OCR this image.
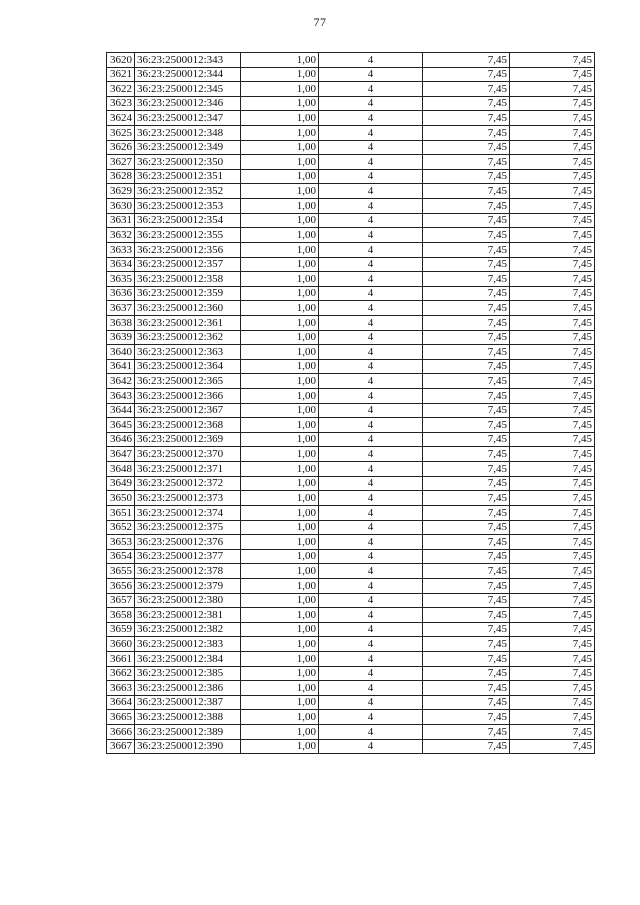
77
3620	36:23:2500012:343	1,00	4	7,45	7,45
3621	36:23:2500012:344	1,00	4	7,45	7,45
3622	36:23:2500012:345	1,00	4	7,45	7,45
3623	36:23:2500012:346	1,00	4	7,45	7,45
3624	36:23:2500012:347	1,00	4	7,45	7,45
3625	36:23:2500012:348	1,00	4	7,45	7,45
3626	36:23:2500012:349	1,00	4	7,45	7,45
3627	36:23:2500012:350	1,00	4	7,45	7,45
3628	36:23:2500012:351	1,00	4	7,45	7,45
3629	36:23:2500012:352	1,00	4	7,45	7,45
3630	36:23:2500012:353	1,00	4	7,45	7,45
3631	36:23:2500012:354	1,00	4	7,45	7,45
3632	36:23:2500012:355	1,00	4	7,45	7,45
3633	36:23:2500012:356	1,00	4	7,45	7,45
3634	36:23:2500012:357	1,00	4	7,45	7,45
3635	36:23:2500012:358	1,00	4	7,45	7,45
3636	36:23:2500012:359	1,00	4	7,45	7,45
3637	36:23:2500012:360	1,00	4	7,45	7,45
3638	36:23:2500012:361	1,00	4	7,45	7,45
3639	36:23:2500012:362	1,00	4	7,45	7,45
3640	36:23:2500012:363	1,00	4	7,45	7,45
3641	36:23:2500012:364	1,00	4	7,45	7,45
3642	36:23:2500012:365	1,00	4	7,45	7,45
3643	36:23:2500012:366	1,00	4	7,45	7,45
3644	36:23:2500012:367	1,00	4	7,45	7,45
3645	36:23:2500012:368	1,00	4	7,45	7,45
3646	36:23:2500012:369	1,00	4	7,45	7,45
3647	36:23:2500012:370	1,00	4	7,45	7,45
3648	36:23:2500012:371	1,00	4	7,45	7,45
3649	36:23:2500012:372	1,00	4	7,45	7,45
3650	36:23:2500012:373	1,00	4	7,45	7,45
3651	36:23:2500012:374	1,00	4	7,45	7,45
3652	36:23:2500012:375	1,00	4	7,45	7,45
3653	36:23:2500012:376	1,00	4	7,45	7,45
3654	36:23:2500012:377	1,00	4	7,45	7,45
3655	36:23:2500012:378	1,00	4	7,45	7,45
3656	36:23:2500012:379	1,00	4	7,45	7,45
3657	36:23:2500012:380	1,00	4	7,45	7,45
3658	36:23:2500012:381	1,00	4	7,45	7,45
3659	36:23:2500012:382	1,00	4	7,45	7,45
3660	36:23:2500012:383	1,00	4	7,45	7,45
3661	36:23:2500012:384	1,00	4	7,45	7,45
3662	36:23:2500012:385	1,00	4	7,45	7,45
3663	36:23:2500012:386	1,00	4	7,45	7,45
3664	36:23:2500012:387	1,00	4	7,45	7,45
3665	36:23:2500012:388	1,00	4	7,45	7,45
3666	36:23:2500012:389	1,00	4	7,45	7,45
3667	36:23:2500012:390	1,00	4	7,45	7,45
